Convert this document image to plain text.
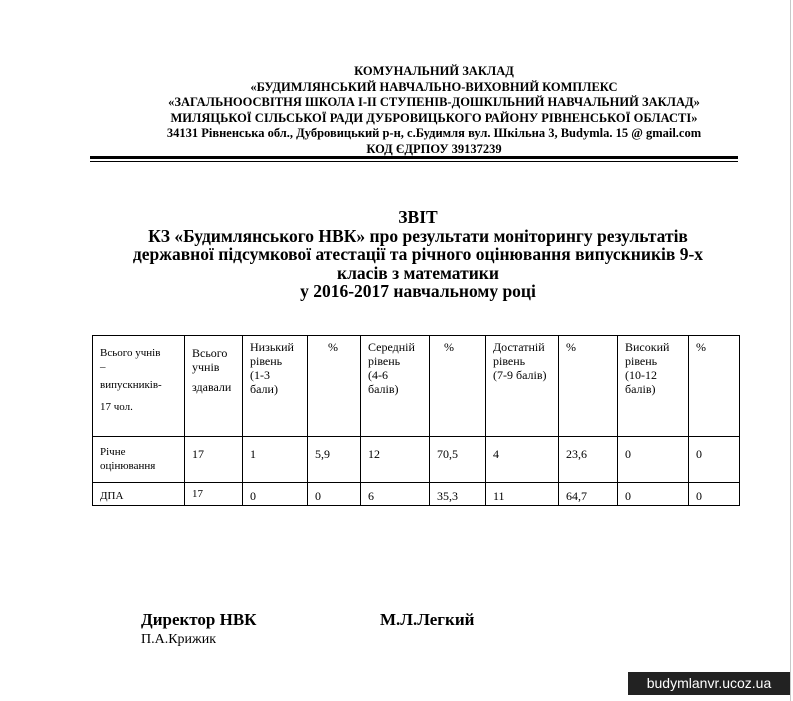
КОМУНАЛЬНИЙ ЗАКЛАД
«БУДИМЛЯНСЬКИЙ НАВЧАЛЬНО-ВИХОВНИЙ КОМПЛЕКС
«ЗАГАЛЬНООСВІТНЯ ШКОЛА І-ІІ СТУПЕНІВ-ДОШКІЛЬНИЙ НАВЧАЛЬНИЙ ЗАКЛАД»
МИЛЯЦЬКОЇ СІЛЬСЬКОЇ РАДИ ДУБРОВИЦЬКОГО РАЙОНУ РІВНЕНСЬКОЇ ОБЛАСТІ»
34131 Рівненська обл., Дубровицький р-н, с.Будимля вул. Шкільна 3, Budymla. 15 @ gmail.com
КОД ЄДРПОУ 39137239
ЗВІТ
КЗ «Будимлянського НВК» про результати моніторингу результатів
державної підсумкової атестації та річного оцінювання випускників 9-х
класів з математики
у 2016-2017 навчальному році
Всього учнів
–
випускників-
17 чол.	Всього
учнів
здавали	Низький
рівень
(1-3
бали)	%	Середній
рівень
(4-6
балів)	%	Достатній
рівень
(7-9 балів)	%	Високий
рівень
(10-12
балів)	%

Річне
оцінювання	17	1	5,9	12	70,5	4	23,6	0	0

ДПА	17	0	0	6	35,3	11	64,7	0	0
Директор НВК	М.Л.Легкий
П.А.Крижик
budymlanvr.ucoz.ua
